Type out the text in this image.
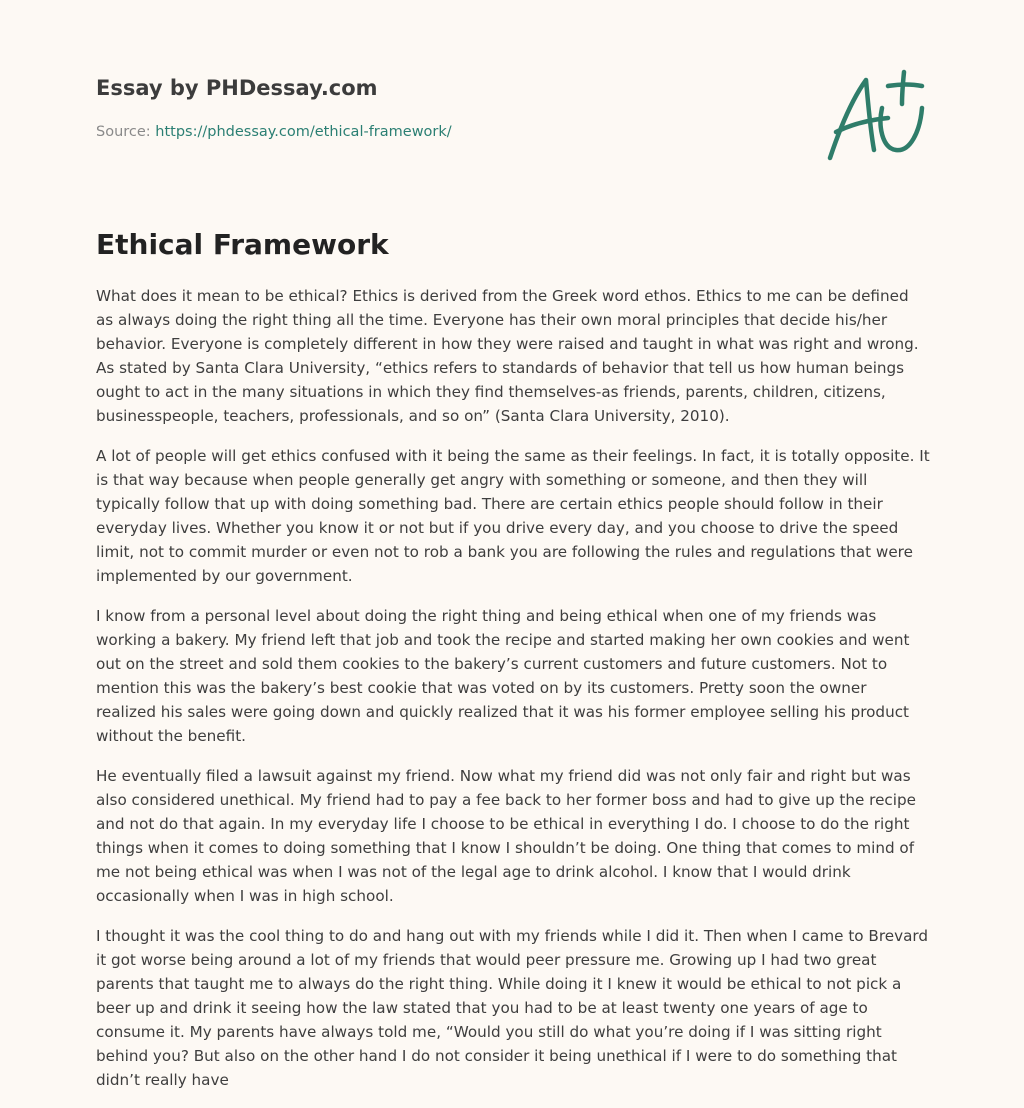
Essay by PHDessay.com
Source: https://phdessay.com/ethical-framework/
Ethical Framework

What does it mean to be ethical? Ethics is derived from the Greek word ethos. Ethics to me can be defined as always doing the right thing all the time. Everyone has their own moral principles that decide his/her behavior. Everyone is completely different in how they were raised and taught in what was right and wrong. As stated by Santa Clara University, “ethics refers to standards of behavior that tell us how human beings ought to act in the many situations in which they find themselves-as friends, parents, children, citizens, businesspeople, teachers, professionals, and so on” (Santa Clara University, 2010).

A lot of people will get ethics confused with it being the same as their feelings. In fact, it is totally opposite. It is that way because when people generally get angry with something or someone, and then they will typically follow that up with doing something bad. There are certain ethics people should follow in their everyday lives. Whether you know it or not but if you drive every day, and you choose to drive the speed limit, not to commit murder or even not to rob a bank you are following the rules and regulations that were implemented by our government.

I know from a personal level about doing the right thing and being ethical when one of my friends was working a bakery. My friend left that job and took the recipe and started making her own cookies and went out on the street and sold them cookies to the bakery’s current customers and future customers. Not to mention this was the bakery’s best cookie that was voted on by its customers. Pretty soon the owner realized his sales were going down and quickly realized that it was his former employee selling his product without the benefit.

He eventually filed a lawsuit against my friend. Now what my friend did was not only fair and right but was also considered unethical. My friend had to pay a fee back to her former boss and had to give up the recipe and not do that again. In my everyday life I choose to be ethical in everything I do. I choose to do the right things when it comes to doing something that I know I shouldn’t be doing. One thing that comes to mind of me not being ethical was when I was not of the legal age to drink alcohol. I know that I would drink occasionally when I was in high school.

I thought it was the cool thing to do and hang out with my friends while I did it. Then when I came to Brevard it got worse being around a lot of my friends that would peer pressure me. Growing up I had two great parents that taught me to always do the right thing. While doing it I knew it would be ethical to not pick a beer up and drink it seeing how the law stated that you had to be at least twenty one years of age to consume it. My parents have always told me, “Would you still do what you’re doing if I was sitting right behind you? But also on the other hand I do not consider it being unethical if I were to do something that didn’t really have
